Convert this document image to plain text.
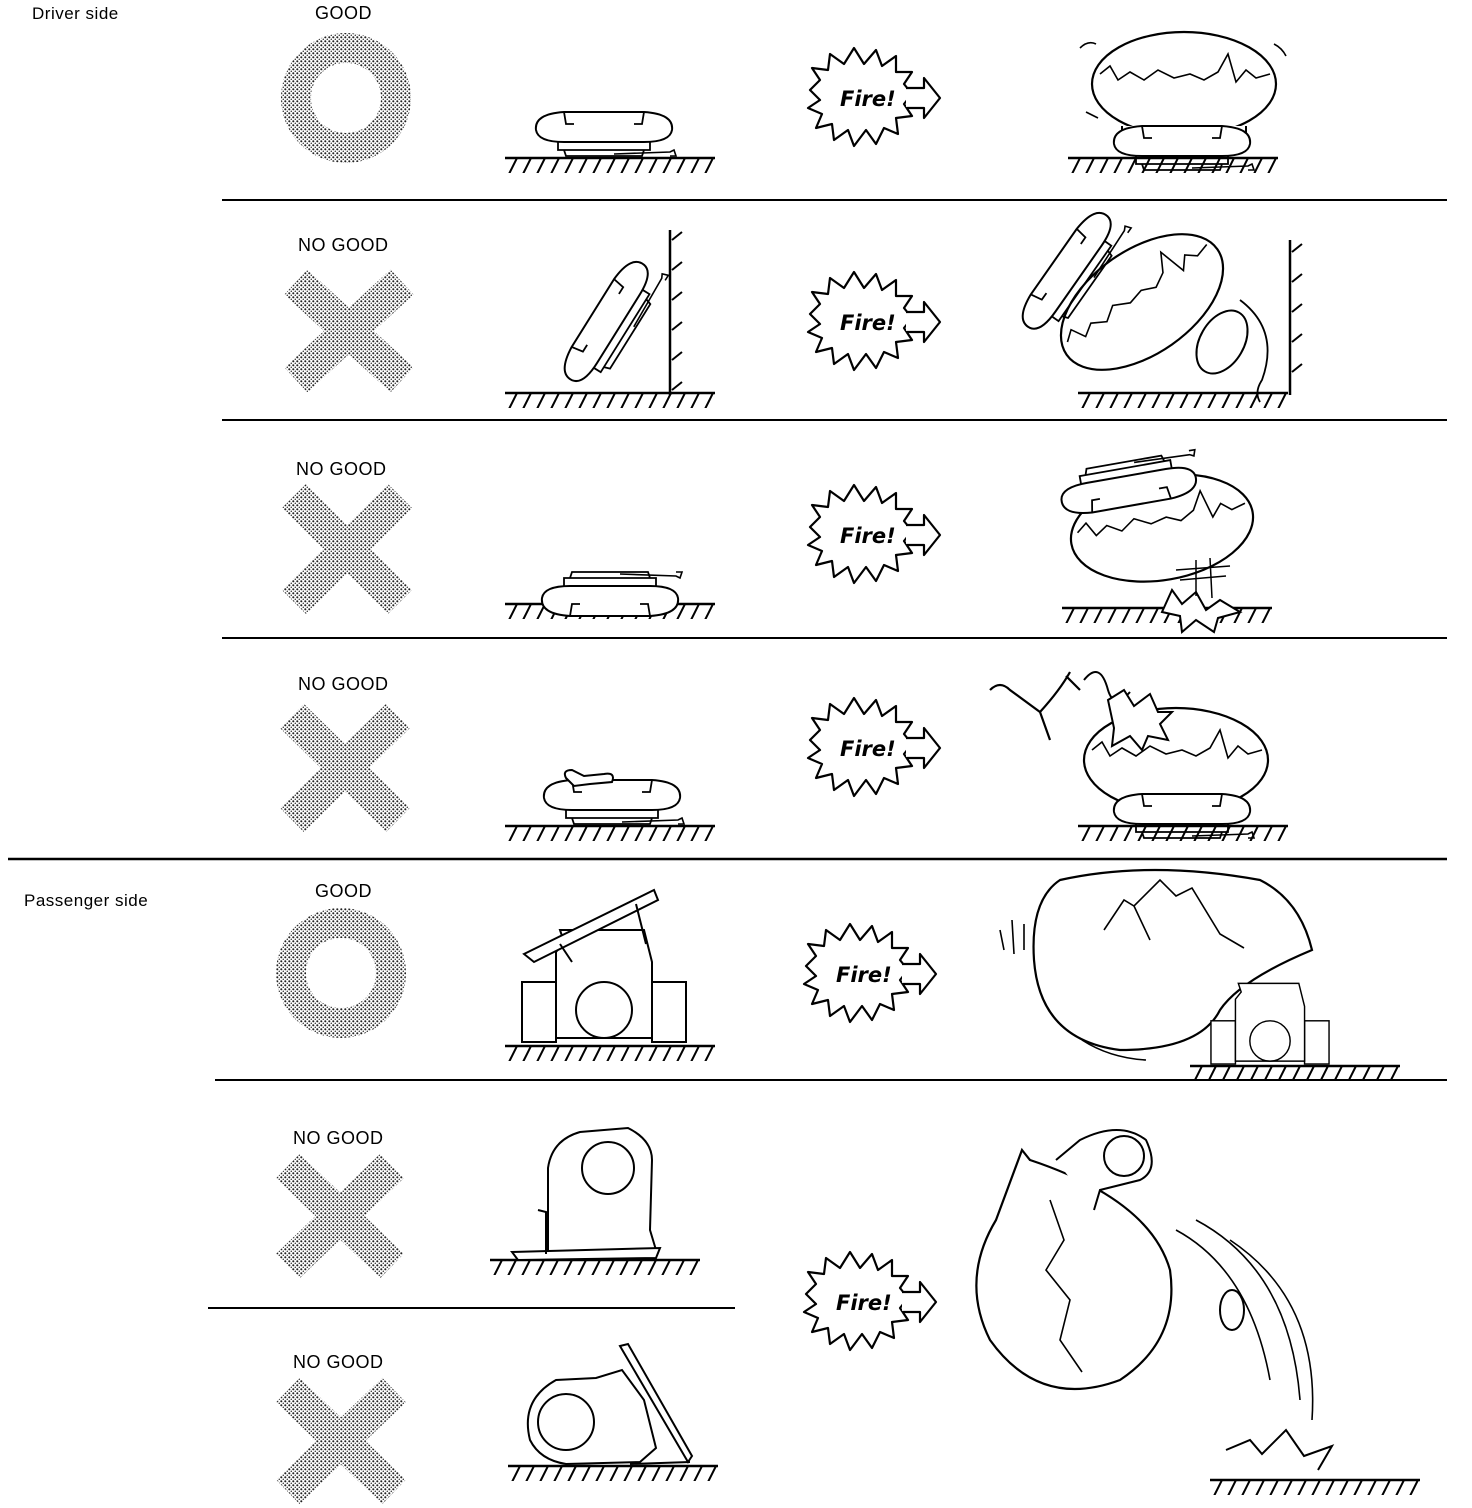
Driver side
Passenger side
GOOD
NO GOOD
NO GOOD
NO GOOD
GOOD
NO GOOD
NO GOOD
Fire!
Fire!
Fire!
Fire!
Fire!
Fire!
